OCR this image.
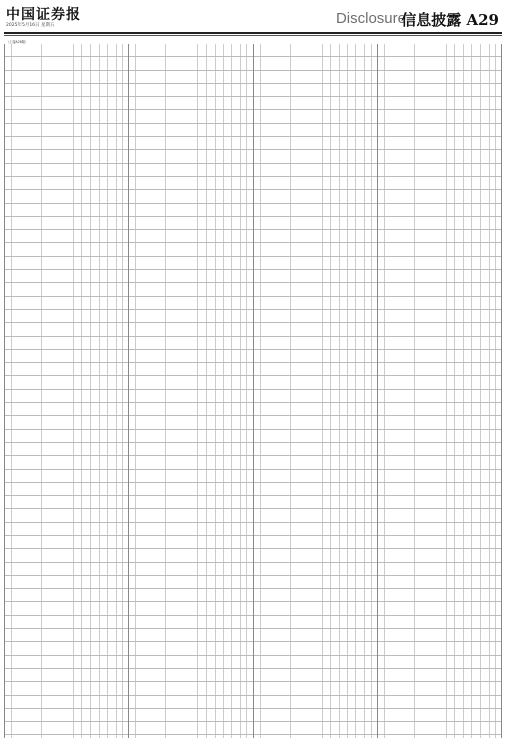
中国证券报
2025年5月16日 星期五	Disclosure
信息披露 A29
（上接A28版）
